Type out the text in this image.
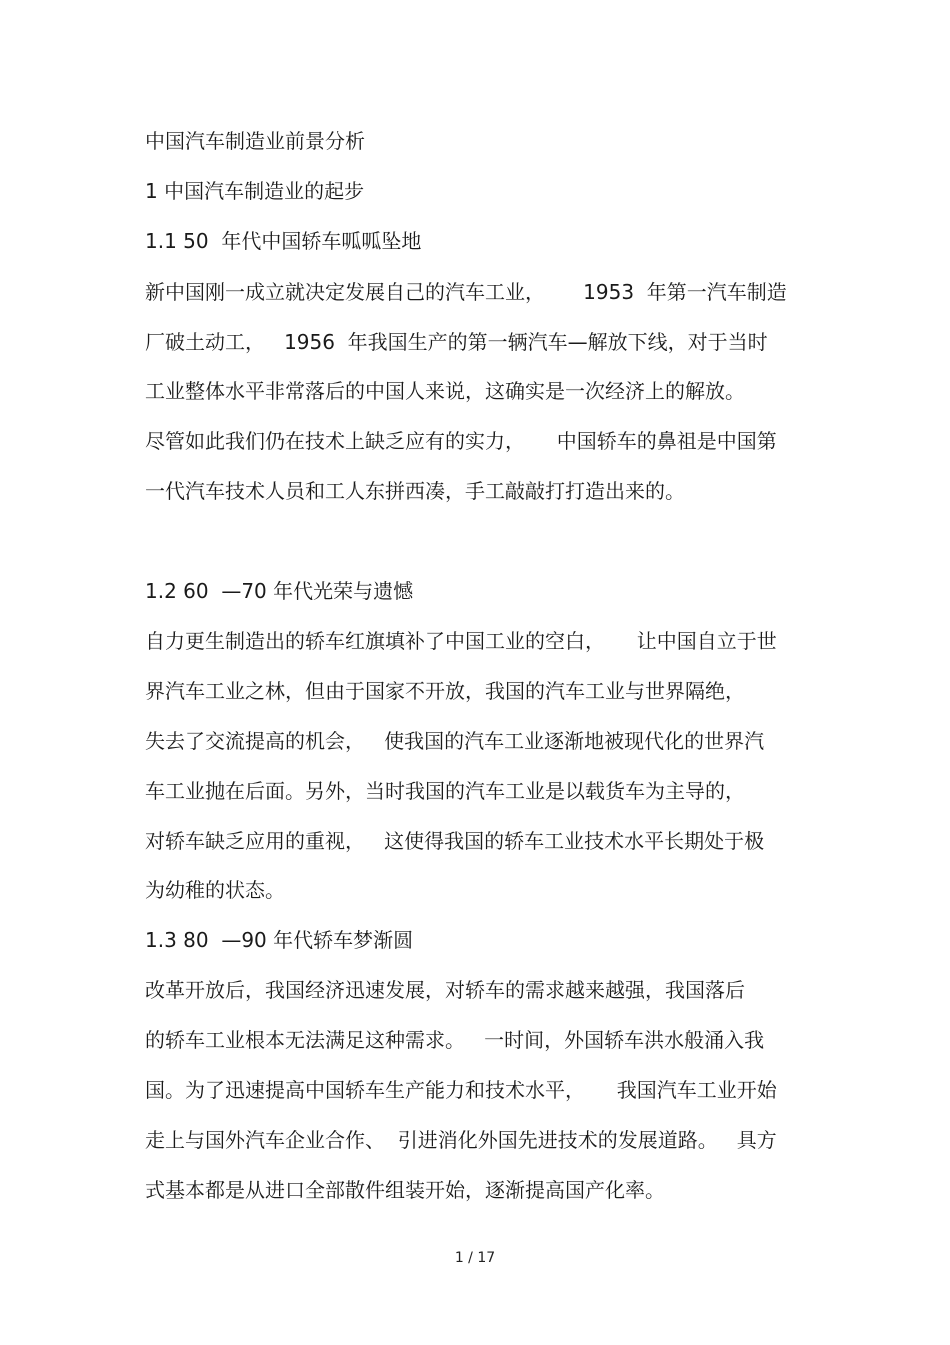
中国汽车制造业前景分析
1 中国汽车制造业的起步
1.1 50  年代中国轿车呱呱坠地
新中国刚一成立就决定发展自己的汽车工业，      1953  年第一汽车制造
厂破土动工，   1956  年我国生产的第一辆汽车—解放下线，对于当时
工业整体水平非常落后的中国人来说，这确实是一次经济上的解放。
尽管如此我们仍在技术上缺乏应有的实力，     中国轿车的鼻祖是中国第
一代汽车技术人员和工人东拼西凑，手工敲敲打打造出来的。
1.2 60  —70 年代光荣与遗憾
自力更生制造出的轿车红旗填补了中国工业的空白，     让中国自立于世
界汽车工业之林，但由于国家不开放，我国的汽车工业与世界隔绝，
失去了交流提高的机会，   使我国的汽车工业逐渐地被现代化的世界汽
车工业抛在后面。另外，当时我国的汽车工业是以载货车为主导的，
对轿车缺乏应用的重视，   这使得我国的轿车工业技术水平长期处于极
为幼稚的状态。
1.3 80  —90 年代轿车梦渐圆
改革开放后，我国经济迅速发展，对轿车的需求越来越强，我国落后
的轿车工业根本无法满足这种需求。   一时间，外国轿车洪水般涌入我
国。为了迅速提高中国轿车生产能力和技术水平，     我国汽车工业开始
走上与国外汽车企业合作、  引进消化外国先进技术的发展道路。   具方
式基本都是从进口全部散件组装开始，逐渐提高国产化率。
1 / 17
